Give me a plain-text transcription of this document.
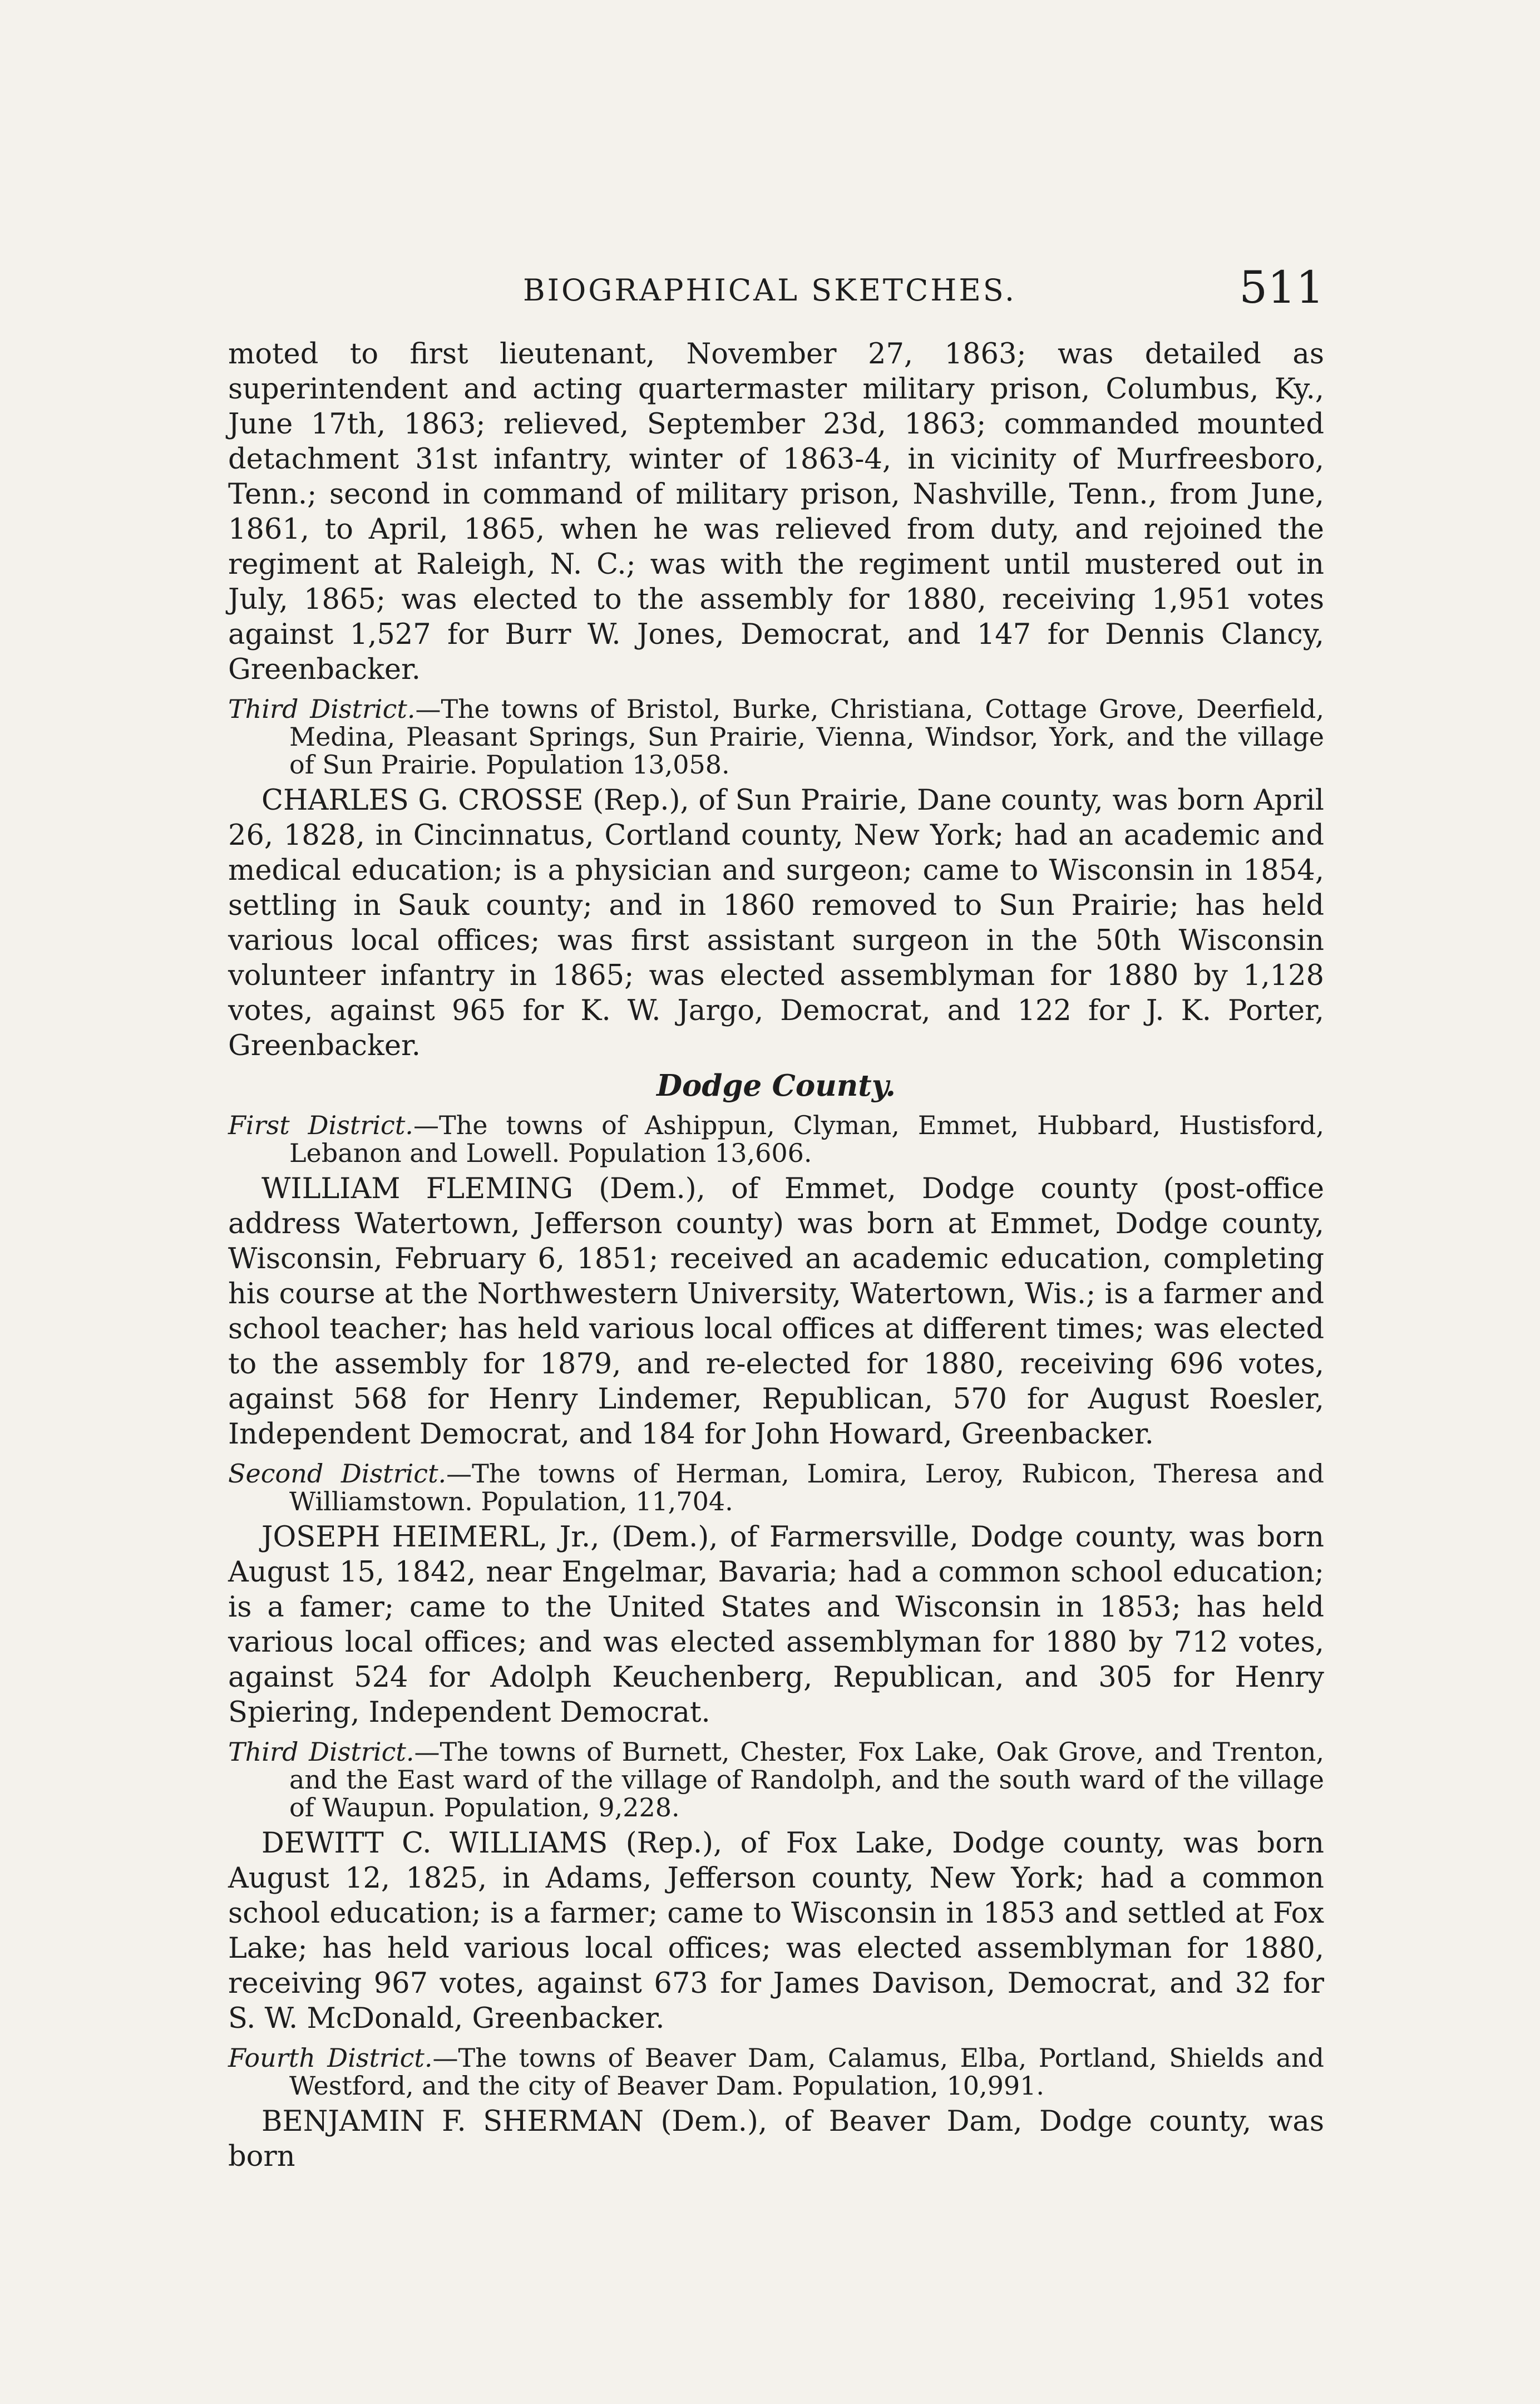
BIOGRAPHICAL SKETCHES.	511

moted to first lieutenant, November 27, 1863; was detailed as superintendent and acting quartermaster military prison, Columbus, Ky., June 17th, 1863; relieved, September 23d, 1863; commanded mounted detachment 31st infantry, winter of 1863-4, in vicinity of Murfreesboro, Tenn.; second in command of military prison, Nashville, Tenn., from June, 1861, to April, 1865, when he was relieved from duty, and rejoined the regiment at Raleigh, N. C.; was with the regiment until mustered out in July, 1865; was elected to the assembly for 1880, receiving 1,951 votes against 1,527 for Burr W. Jones, Democrat, and 147 for Dennis Clancy, Greenbacker.

Third District.—The towns of Bristol, Burke, Christiana, Cottage Grove, Deerfield, Medina, Pleasant Springs, Sun Prairie, Vienna, Windsor, York, and the village of Sun Prairie. Population 13,058.

CHARLES G. CROSSE (Rep.), of Sun Prairie, Dane county, was born April 26, 1828, in Cincinnatus, Cortland county, New York; had an academic and medical education; is a physician and surgeon; came to Wisconsin in 1854, settling in Sauk county; and in 1860 removed to Sun Prairie; has held various local offices; was first assistant surgeon in the 50th Wisconsin volunteer infantry in 1865; was elected assemblyman for 1880 by 1,128 votes, against 965 for K. W. Jargo, Democrat, and 122 for J. K. Porter, Greenbacker.

Dodge County.

First District.—The towns of Ashippun, Clyman, Emmet, Hubbard, Hustisford, Lebanon and Lowell. Population 13,606.

WILLIAM FLEMING (Dem.), of Emmet, Dodge county (post-office address Watertown, Jefferson county) was born at Emmet, Dodge county, Wisconsin, February 6, 1851; received an academic education, completing his course at the Northwestern University, Watertown, Wis.; is a farmer and school teacher; has held various local offices at different times; was elected to the assembly for 1879, and re-elected for 1880, receiving 696 votes, against 568 for Henry Lindemer, Republican, 570 for August Roesler, Independent Democrat, and 184 for John Howard, Greenbacker.

Second District.—The towns of Herman, Lomira, Leroy, Rubicon, Theresa and Williamstown. Population, 11,704.

JOSEPH HEIMERL, Jr., (Dem.), of Farmersville, Dodge county, was born August 15, 1842, near Engelmar, Bavaria; had a common school education; is a famer; came to the United States and Wisconsin in 1853; has held various local offices; and was elected assemblyman for 1880 by 712 votes, against 524 for Adolph Keuchenberg, Republican, and 305 for Henry Spiering, Independent Democrat.

Third District.—The towns of Burnett, Chester, Fox Lake, Oak Grove, and Trenton, and the East ward of the village of Randolph, and the south ward of the village of Waupun. Population, 9,228.

DEWITT C. WILLIAMS (Rep.), of Fox Lake, Dodge county, was born August 12, 1825, in Adams, Jefferson county, New York; had a common school education; is a farmer; came to Wisconsin in 1853 and settled at Fox Lake; has held various local offices; was elected assemblyman for 1880, receiving 967 votes, against 673 for James Davison, Democrat, and 32 for S. W. McDonald, Greenbacker.

Fourth District.—The towns of Beaver Dam, Calamus, Elba, Portland, Shields and Westford, and the city of Beaver Dam. Population, 10,991.

BENJAMIN F. SHERMAN (Dem.), of Beaver Dam, Dodge county, was born
